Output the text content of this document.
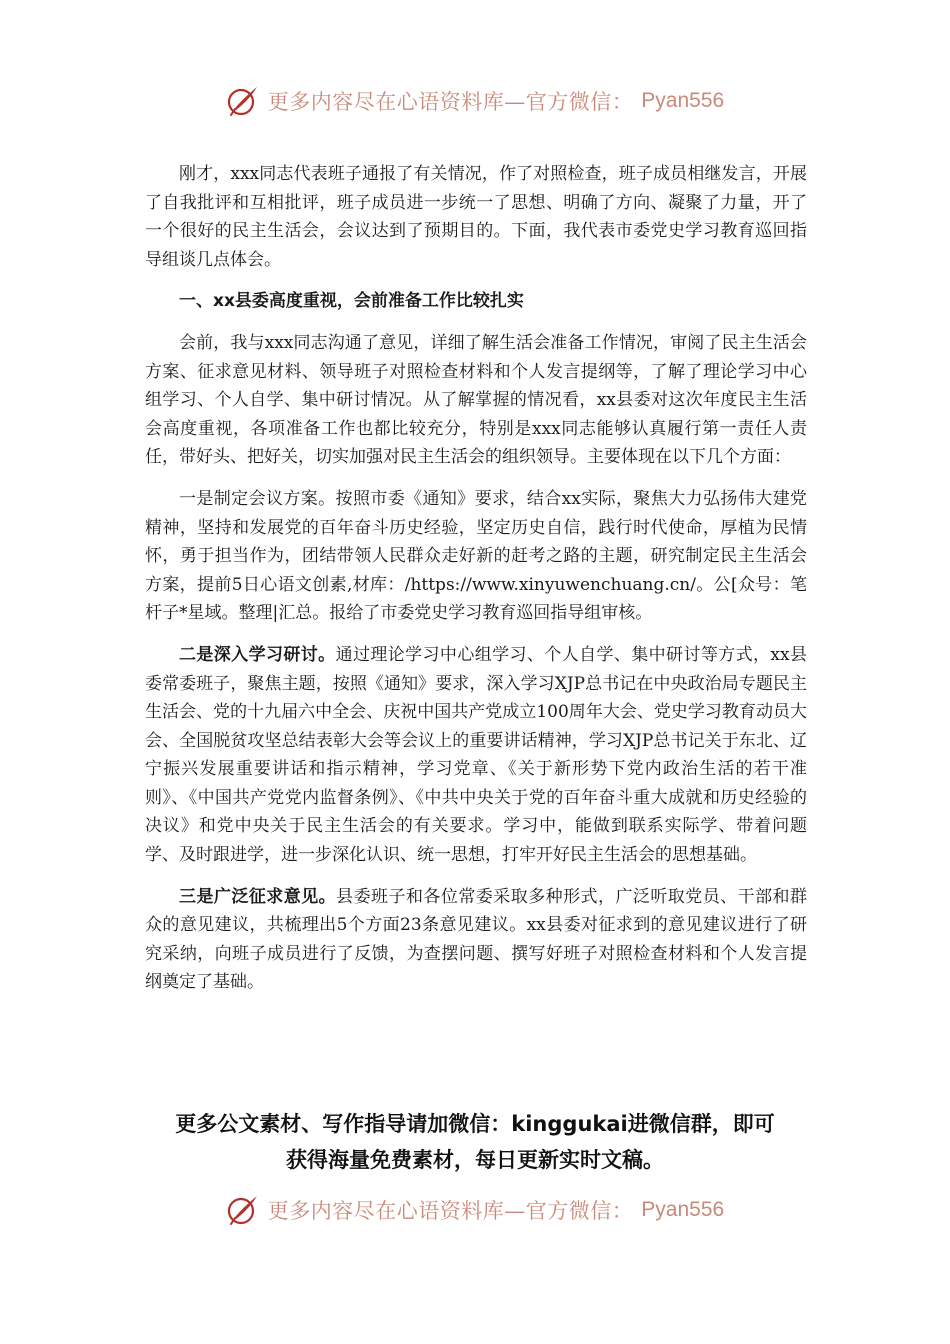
更多内容尽在心语资料库—官方微信： Pyan556

刚才，xxx同志代表班子通报了有关情况，作了对照检查，班子成员相继发言，开展了自我批评和互相批评，班子成员进一步统一了思想、明确了方向、凝聚了力量，开了一个很好的民主生活会，会议达到了预期目的。下面，我代表市委党史学习教育巡回指导组谈几点体会。

一、xx县委高度重视，会前准备工作比较扎实

会前，我与xxx同志沟通了意见，详细了解生活会准备工作情况，审阅了民主生活会方案、征求意见材料、领导班子对照检查材料和个人发言提纲等，了解了理论学习中心组学习、个人自学、集中研讨情况。从了解掌握的情况看，xx县委对这次年度民主生活会高度重视，各项准备工作也都比较充分，特别是xxx同志能够认真履行第一责任人责任，带好头、把好关，切实加强对民主生活会的组织领导。主要体现在以下几个方面：

一是制定会议方案。按照市委《通知》要求，结合xx实际，聚焦大力弘扬伟大建党精神，坚持和发展党的百年奋斗历史经验，坚定历史自信，践行时代使命，厚植为民情怀，勇于担当作为，团结带领人民群众走好新的赶考之路的主题，研究制定民主生活会方案，提前5日心语文创素,材库：/https://www.xinyuwenchuang.cn/。公[众号：笔杆子*星域。整理|汇总。报给了市委党史学习教育巡回指导组审核。

二是深入学习研讨。通过理论学习中心组学习、个人自学、集中研讨等方式，xx县委常委班子，聚焦主题，按照《通知》要求，深入学习XJP总书记在中央政治局专题民主生活会、党的十九届六中全会、庆祝中国共产党成立100周年大会、党史学习教育动员大会、全国脱贫攻坚总结表彰大会等会议上的重要讲话精神，学习XJP总书记关于东北、辽宁振兴发展重要讲话和指示精神，学习党章、《关于新形势下党内政治生活的若干准则》、《中国共产党党内监督条例》、《中共中央关于党的百年奋斗重大成就和历史经验的决议》和党中央关于民主生活会的有关要求。学习中，能做到联系实际学、带着问题学、及时跟进学，进一步深化认识、统一思想，打牢开好民主生活会的思想基础。

三是广泛征求意见。县委班子和各位常委采取多种形式，广泛听取党员、干部和群众的意见建议，共梳理出5个方面23条意见建议。xx县委对征求到的意见建议进行了研究采纳，向班子成员进行了反馈，为查摆问题、撰写好班子对照检查材料和个人发言提纲奠定了基础。

更多公文素材、写作指导请加微信：kinggukai进微信群，即可
获得海量免费素材，每日更新实时文稿。
更多内容尽在心语资料库—官方微信： Pyan556
